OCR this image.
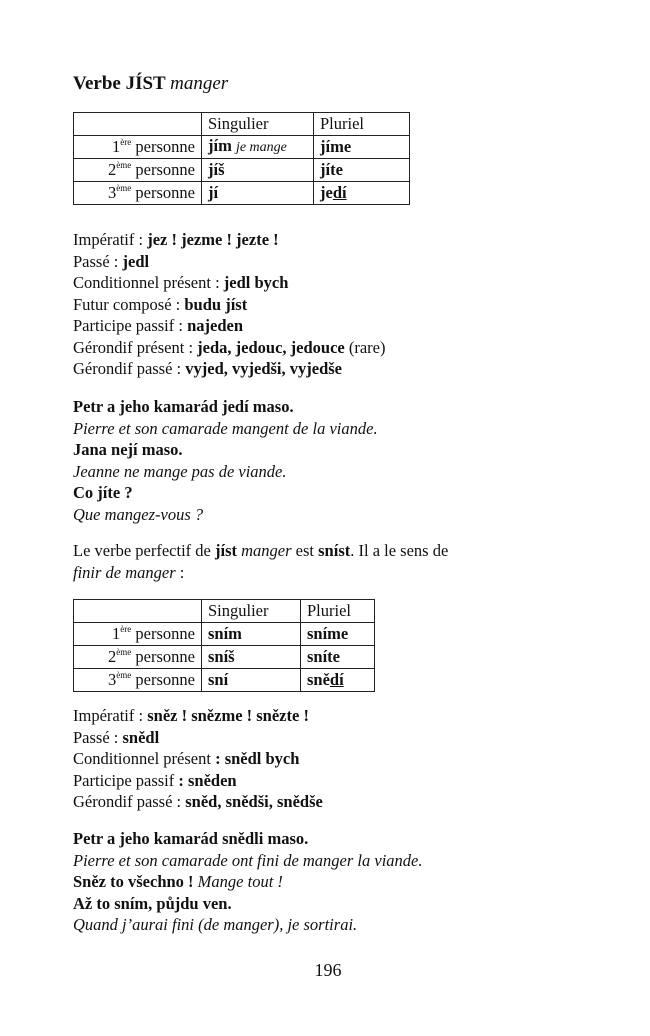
Verbe JÍST manger
	Singulier	Pluriel
1ère personne	jím je mange	jíme
2ème personne	jíš	jíte
3ème personne	jí	jedí
Impératif : jez ! jezme ! jezte !
Passé : jedl
Conditionnel présent : jedl bych
Futur composé : budu jíst
Participe passif : najeden
Gérondif présent : jeda, jedouc, jedouce (rare)
Gérondif passé : vyjed, vyjedši, vyjedše
Petr a jeho kamarád jedí maso.
Pierre et son camarade mangent de la viande.
Jana nejí maso.
Jeanne ne mange pas de viande.
Co jíte ?
Que mangez-vous ?
Le verbe perfectif de jíst manger est sníst. Il a le sens de
finir de manger :
	Singulier	Pluriel
1ère personne	sním	sníme
2ème personne	sníš	sníte
3ème personne	sní	snědí
Impératif : sněz ! snězme ! snězte !
Passé : snědl
Conditionnel présent : snědl bych
Participe passif : sněden
Gérondif passé : sněd, snědši, snědše
Petr a jeho kamarád snědli maso.
Pierre et son camarade ont fini de manger la viande.
Sněz to všechno ! Mange tout !
Až to sním, půjdu ven.
Quand j’aurai fini (de manger), je sortirai.
196
